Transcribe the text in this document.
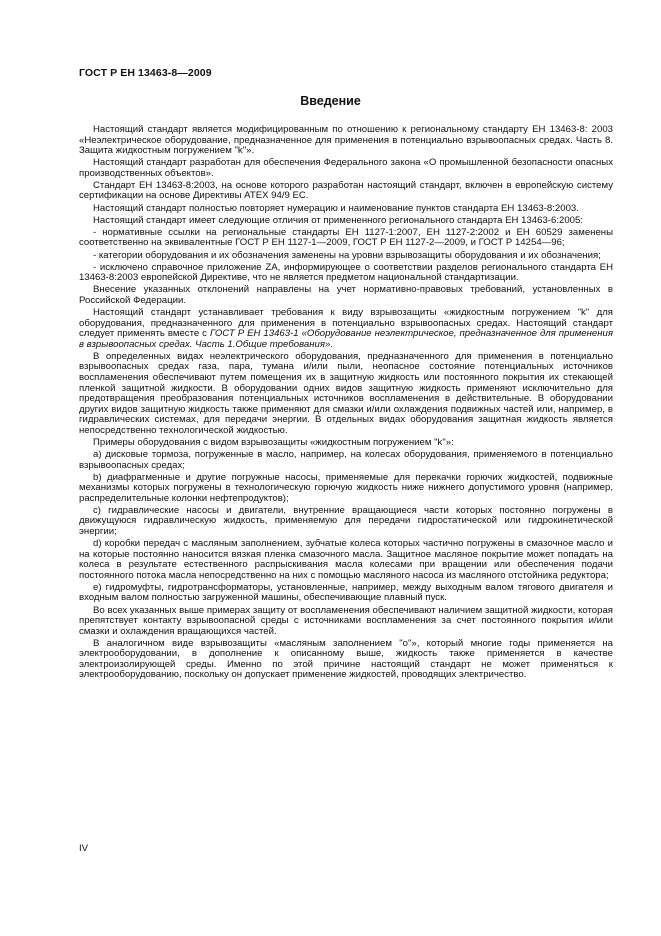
ГОСТ Р ЕН 13463-8—2009
Введение

Настоящий стандарт является модифицированным по отношению к региональному стандарту ЕН 13463-8: 2003 «Неэлектрическое оборудование, предназначенное для применения в потенциально взрывоопасных средах. Часть 8. Защита жидкостным погружением "k"».

Настоящий стандарт разработан для обеспечения Федерального закона «О промышленной безопасности опасных производственных объектов».

Стандарт ЕН 13463-8:2003, на основе которого разработан настоящий стандарт, включен в европейскую систему сертификации на основе Директивы АТЕХ 94/9 ЕС.

Настоящий стандарт полностью повторяет нумерацию и наименование пунктов стандарта ЕН 13463-8:2003.

Настоящий стандарт имеет следующие отличия от примененного регионального стандарта ЕН 13463-6:2005:

- нормативные ссылки на региональные стандарты ЕН 1127-1:2007, ЕН 1127-2:2002 и ЕН 60529 заменены соответственно на эквивалентные ГОСТ Р ЕН 1127-1—2009, ГОСТ Р ЕН 1127-2—2009, и ГОСТ Р 14254—96;

- категории оборудования и их обозначения заменены на уровни взрывозащиты оборудования и их обозначения;

- исключено справочное приложение ZA, информирующее о соответствии разделов регионального стандарта ЕН 13463-8:2003 европейской Директиве, что не является предметом национальной стандартизации.

Внесение указанных отклонений направлены на учет нормативно-правовых требований, установленных в Российской Федерации.

Настоящий стандарт устанавливает требования к виду взрывозащиты «жидкостным погружением "k" для оборудования, предназначенного для применения в потенциально взрывоопасных средах. Настоящий стандарт следует применять вместе с ГОСТ Р ЕН 13463-1 «Оборудование неэлектрическое, предназначенное для применения в взрывоопасных средах. Часть 1.Общие требования».

В определенных видах неэлектрического оборудования, предназначенного для применения в потенциально взрывоопасных средах газа, пара, тумана и/или пыли, неопасное состояние потенциальных источников воспламенения обеспечивают путем помещения их в защитную жидкость или постоянного покрытия их стекающей пленкой защитной жидкости. В оборудовании одних видов защитную жидкость применяют исключительно для предотвращения преобразования потенциальных источников воспламенения в действительные. В оборудовании других видов защитную жидкость также применяют для смазки и/или охлаждения подвижных частей или, например, в гидравлических системах, для передачи энергии. В отдельных видах оборудования защитная жидкость является непосредственно технологической жидкостью.

Примеры оборудования с видом взрывозащиты «жидкостным погружением "k"»:

a) дисковые тормоза, погруженные в масло, например, на колесах оборудования, применяемого в потенциально взрывоопасных средах;

b) диафрагменные и другие погружные насосы, применяемые для перекачки горючих жидкостей, подвижные механизмы которых погружены в технологическую горючую жидкость ниже нижнего допустимого уровня (например, распределительные колонки нефтепродуктов);

c) гидравлические насосы и двигатели, внутренние вращающиеся части которых постоянно погружены в движущуюся гидравлическую жидкость, применяемую для передачи гидростатической или гидрокинетической энергии;

d) коробки передач с масляным заполнением, зубчатые колеса которых частично погружены в смазочное масло и на которые постоянно наносится вязкая пленка смазочного масла. Защитное масляное покрытие может попадать на колеса в результате естественного распрыскивания масла колесами при вращении или обеспечения подачи постоянного потока масла непосредственно на них с помощью масляного насоса из масляного отстойника редуктора;

e) гидромуфты, гидротрансформаторы, установленные, например, между выходным валом тягового двигателя и входным валом полностью загруженной машины, обеспечивающие плавный пуск.

Во всех указанных выше примерах защиту от воспламенения обеспечивают наличием защитной жидкости, которая препятствует контакту взрывоопасной среды с источниками воспламенения за счет постоянного покрытия и/или смазки и охлаждения вращающихся частей.

В аналогичном виде взрывозащиты «масляным заполнением "o"», который многие годы применяется на электрооборудовании, в дополнение к описанному выше, жидкость также применяется в качестве электроизолирующей среды. Именно по этой причине настоящий стандарт не может применяться к электрооборудованию, поскольку он допускает применение жидкостей, проводящих электричество.

IV
